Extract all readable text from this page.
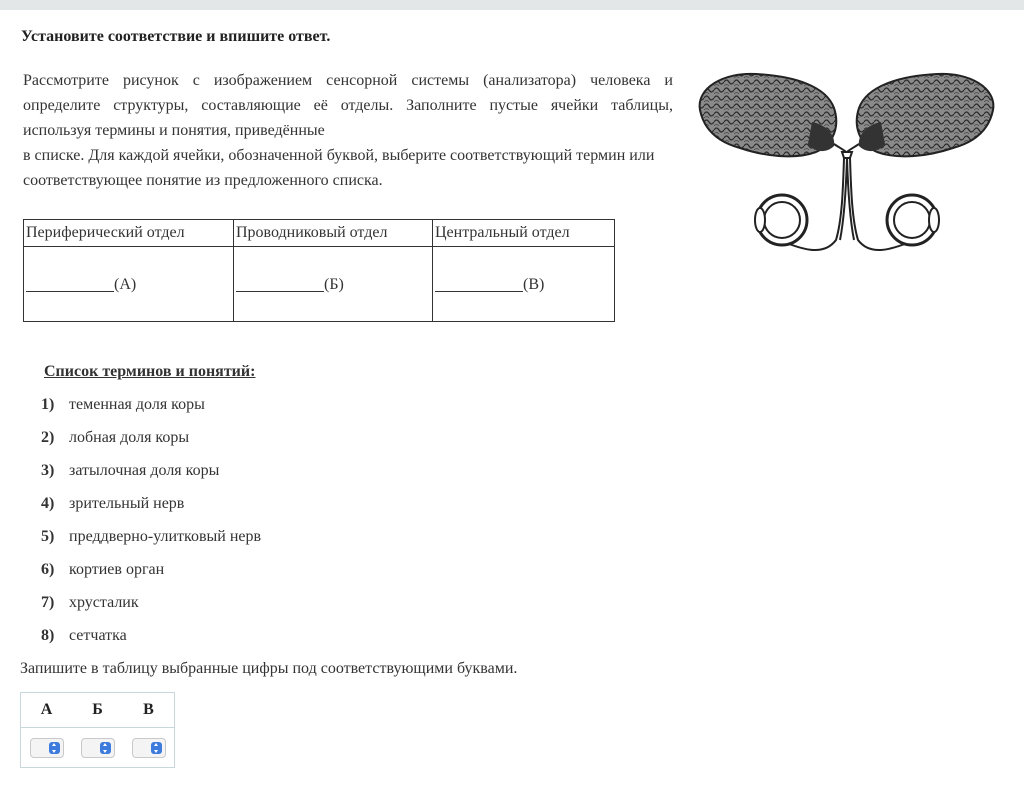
Установите соответствие и впишите ответ.

Рассмотрите рисунок с изображением сенсорной системы (анализатора) человека и определите структуры, составляющие её отделы. Заполните пустые ячейки таблицы, используя термины и понятия, приведённые

в списке. Для каждой ячейки, обозначенной буквой, выберите соответствующий термин или соответствующее понятие из предложенного списка.

Периферический отдел	Проводниковый отдел	Центральный отдел
(А)	(Б)	(В)
Список терминов и понятий:
1) теменная доля коры
2) лобная доля коры
3) затылочная доля коры
4) зрительный нерв
5) преддверно-улитковый нерв
6) кортиев орган
7) хрусталик
8) сетчатка
Запишите в таблицу выбранные цифры под соответствующими буквами.
А	Б	В
